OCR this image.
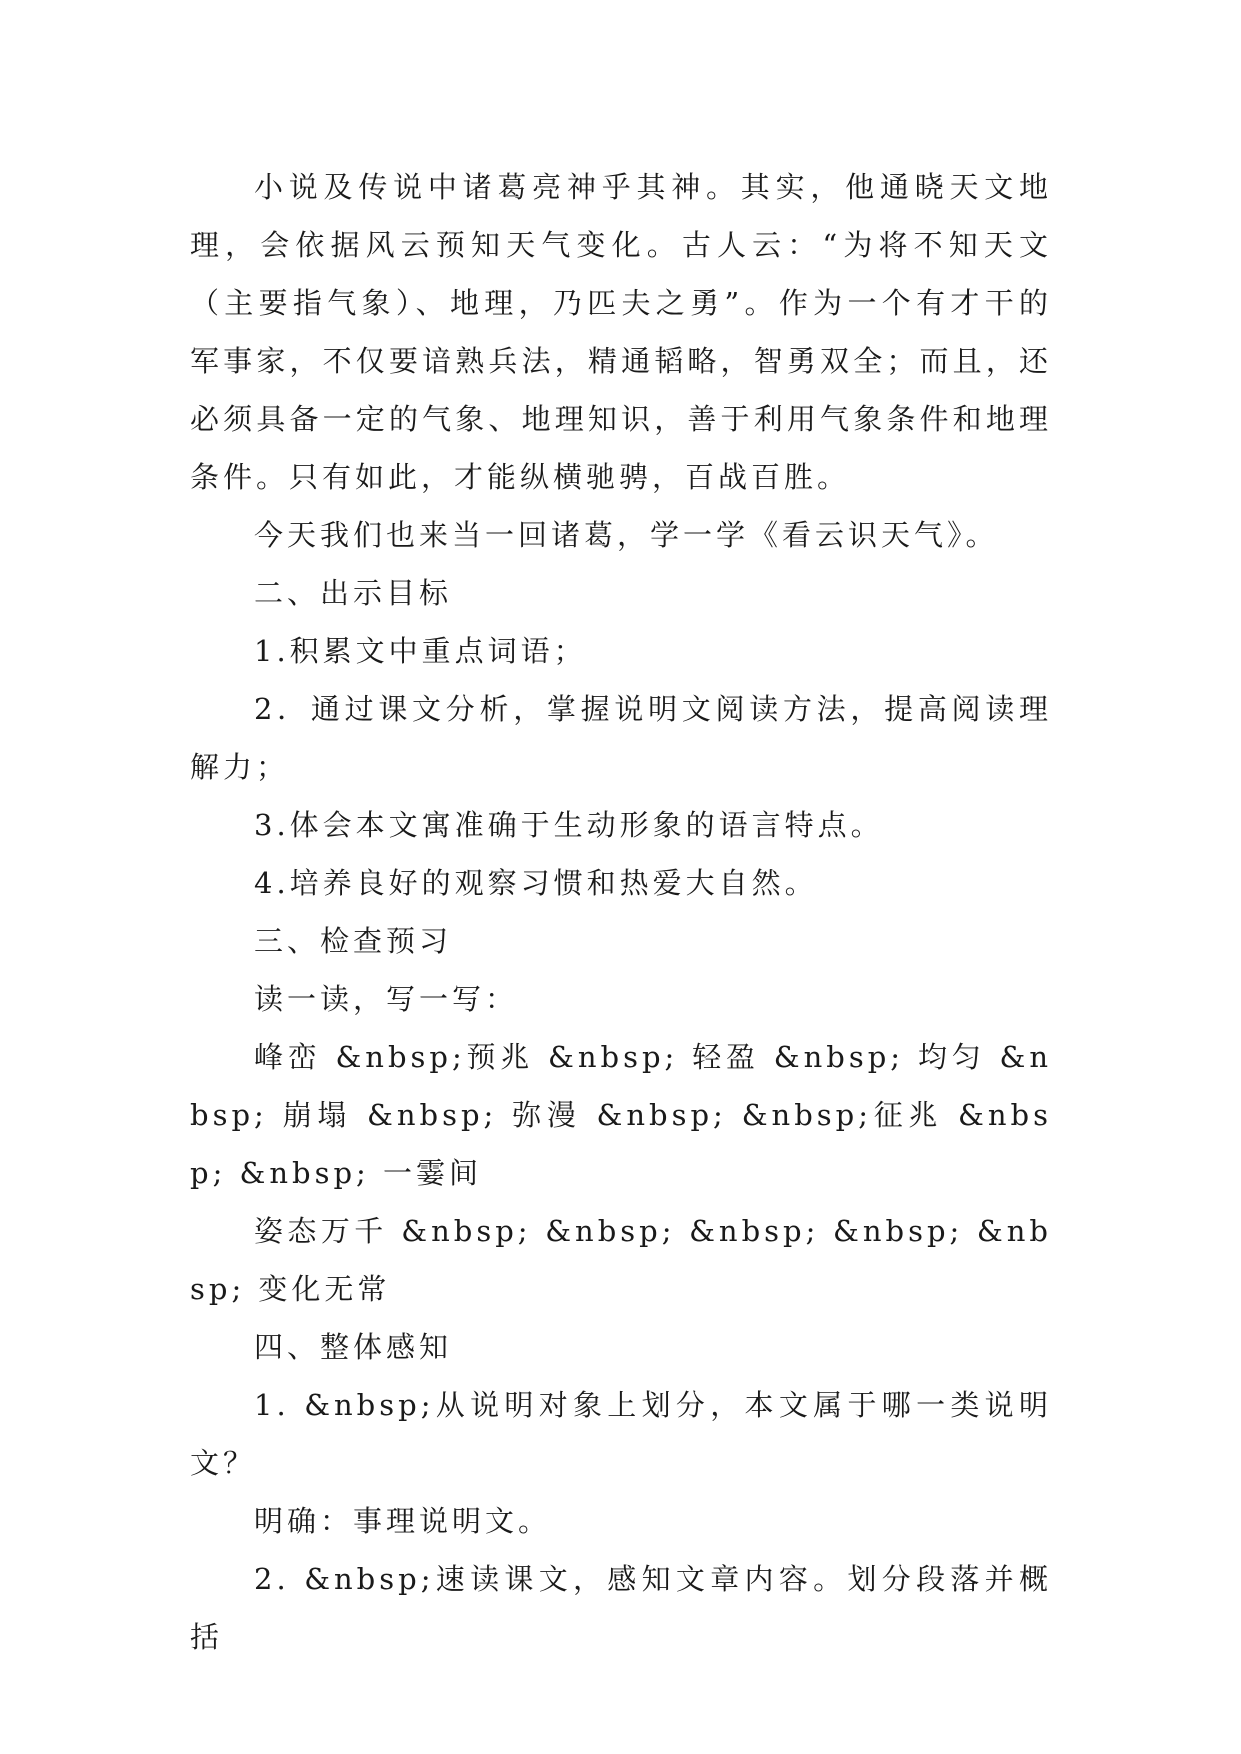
小说及传说中诸葛亮神乎其神。其实，他通晓天文地理，会依据风云预知天气变化。古人云：“为将不知天文（主要指气象）、地理，乃匹夫之勇”。作为一个有才干的军事家，不仅要谙熟兵法，精通韬略，智勇双全；而且，还必须具备一定的气象、地理知识，善于利用气象条件和地理条件。只有如此，才能纵横驰骋，百战百胜。

今天我们也来当一回诸葛，学一学《看云识天气》。

二、出示目标

1.积累文中重点词语；

2．通过课文分析，掌握说明文阅读方法，提高阅读理解力；

3.体会本文寓准确于生动形象的语言特点。

4.培养良好的观察习惯和热爱大自然。

三、检查预习

读一读，写一写：

峰峦 &nbsp;预兆 &nbsp; 轻盈 &nbsp; 均匀 &nbsp; 崩塌 &nbsp; 弥漫 &nbsp; &nbsp;征兆 &nbsp; &nbsp; 一霎间

姿态万千 &nbsp; &nbsp; &nbsp; &nbsp; &nbsp; 变化无常

四、整体感知

1. &nbsp;从说明对象上划分，本文属于哪一类说明文？

明确：事理说明文。

2. &nbsp;速读课文，感知文章内容。划分段落并概括
